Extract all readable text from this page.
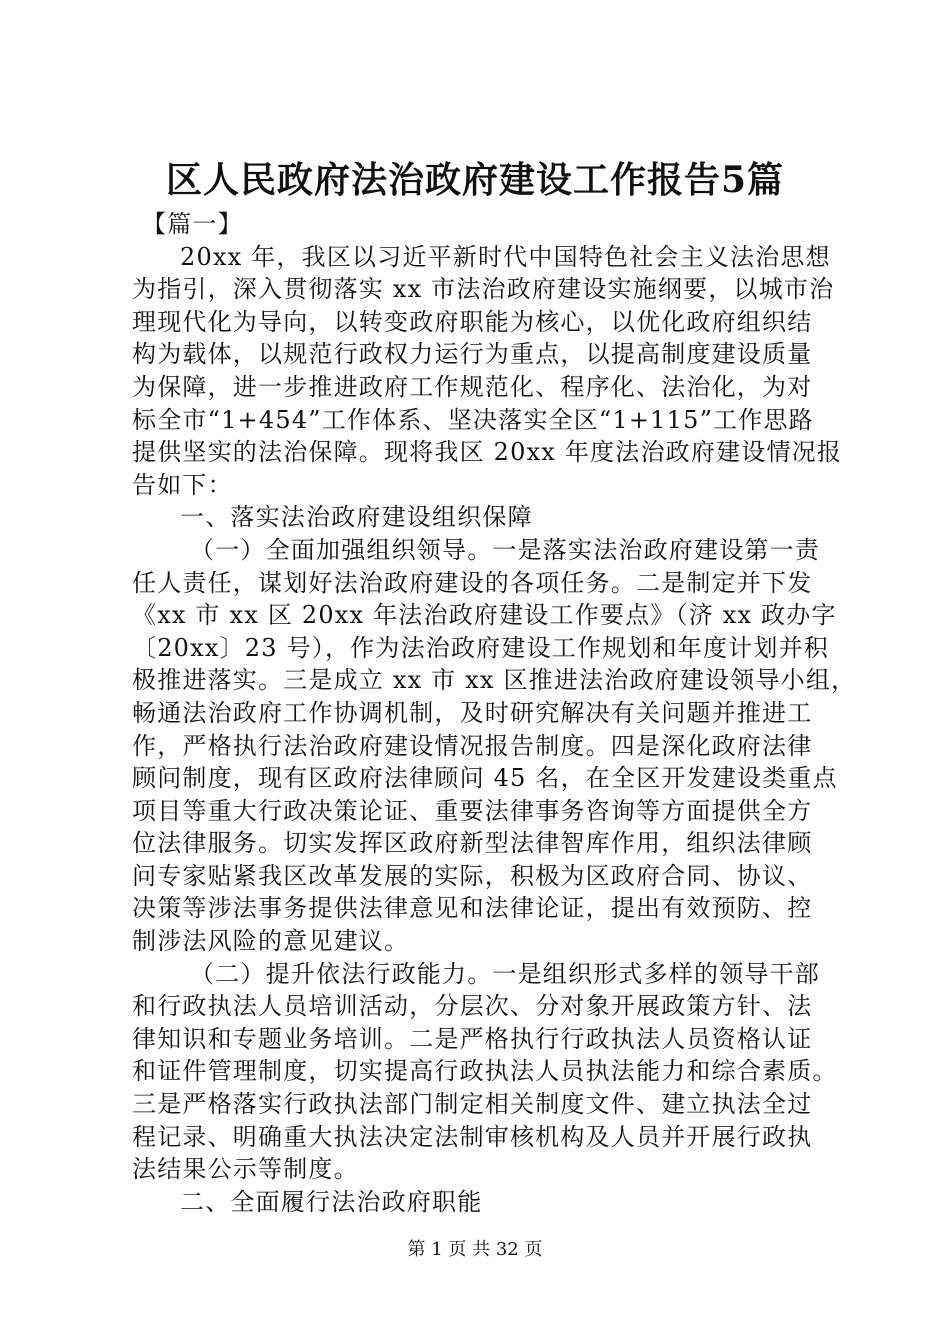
区人民政府法治政府建设工作报告5篇
【篇一】
20xx 年，我区以习近平新时代中国特色社会主义法治思想
为指引，深入贯彻落实 xx 市法治政府建设实施纲要，以城市治
理现代化为导向，以转变政府职能为核心，以优化政府组织结
构为载体，以规范行政权力运行为重点，以提高制度建设质量
为保障，进一步推进政府工作规范化、程序化、法治化，为对
标全市“1+454”工作体系、坚决落实全区“1+115”工作思路
提供坚实的法治保障。现将我区 20xx 年度法治政府建设情况报
告如下：
一、落实法治政府建设组织保障
（一）全面加强组织领导。一是落实法治政府建设第一责
任人责任，谋划好法治政府建设的各项任务。二是制定并下发
《xx 市 xx 区 20xx 年法治政府建设工作要点》（济 xx 政办字
〔20xx〕23 号），作为法治政府建设工作规划和年度计划并积
极推进落实。三是成立 xx 市 xx 区推进法治政府建设领导小组，
畅通法治政府工作协调机制，及时研究解决有关问题并推进工
作，严格执行法治政府建设情况报告制度。四是深化政府法律
顾问制度，现有区政府法律顾问 45 名，在全区开发建设类重点
项目等重大行政决策论证、重要法律事务咨询等方面提供全方
位法律服务。切实发挥区政府新型法律智库作用，组织法律顾
问专家贴紧我区改革发展的实际，积极为区政府合同、协议、
决策等涉法事务提供法律意见和法律论证，提出有效预防、控
制涉法风险的意见建议。
（二）提升依法行政能力。一是组织形式多样的领导干部
和行政执法人员培训活动，分层次、分对象开展政策方针、法
律知识和专题业务培训。二是严格执行行政执法人员资格认证
和证件管理制度，切实提高行政执法人员执法能力和综合素质。
三是严格落实行政执法部门制定相关制度文件、建立执法全过
程记录、明确重大执法决定法制审核机构及人员并开展行政执
法结果公示等制度。
二、全面履行法治政府职能
第 1 页 共 32 页
